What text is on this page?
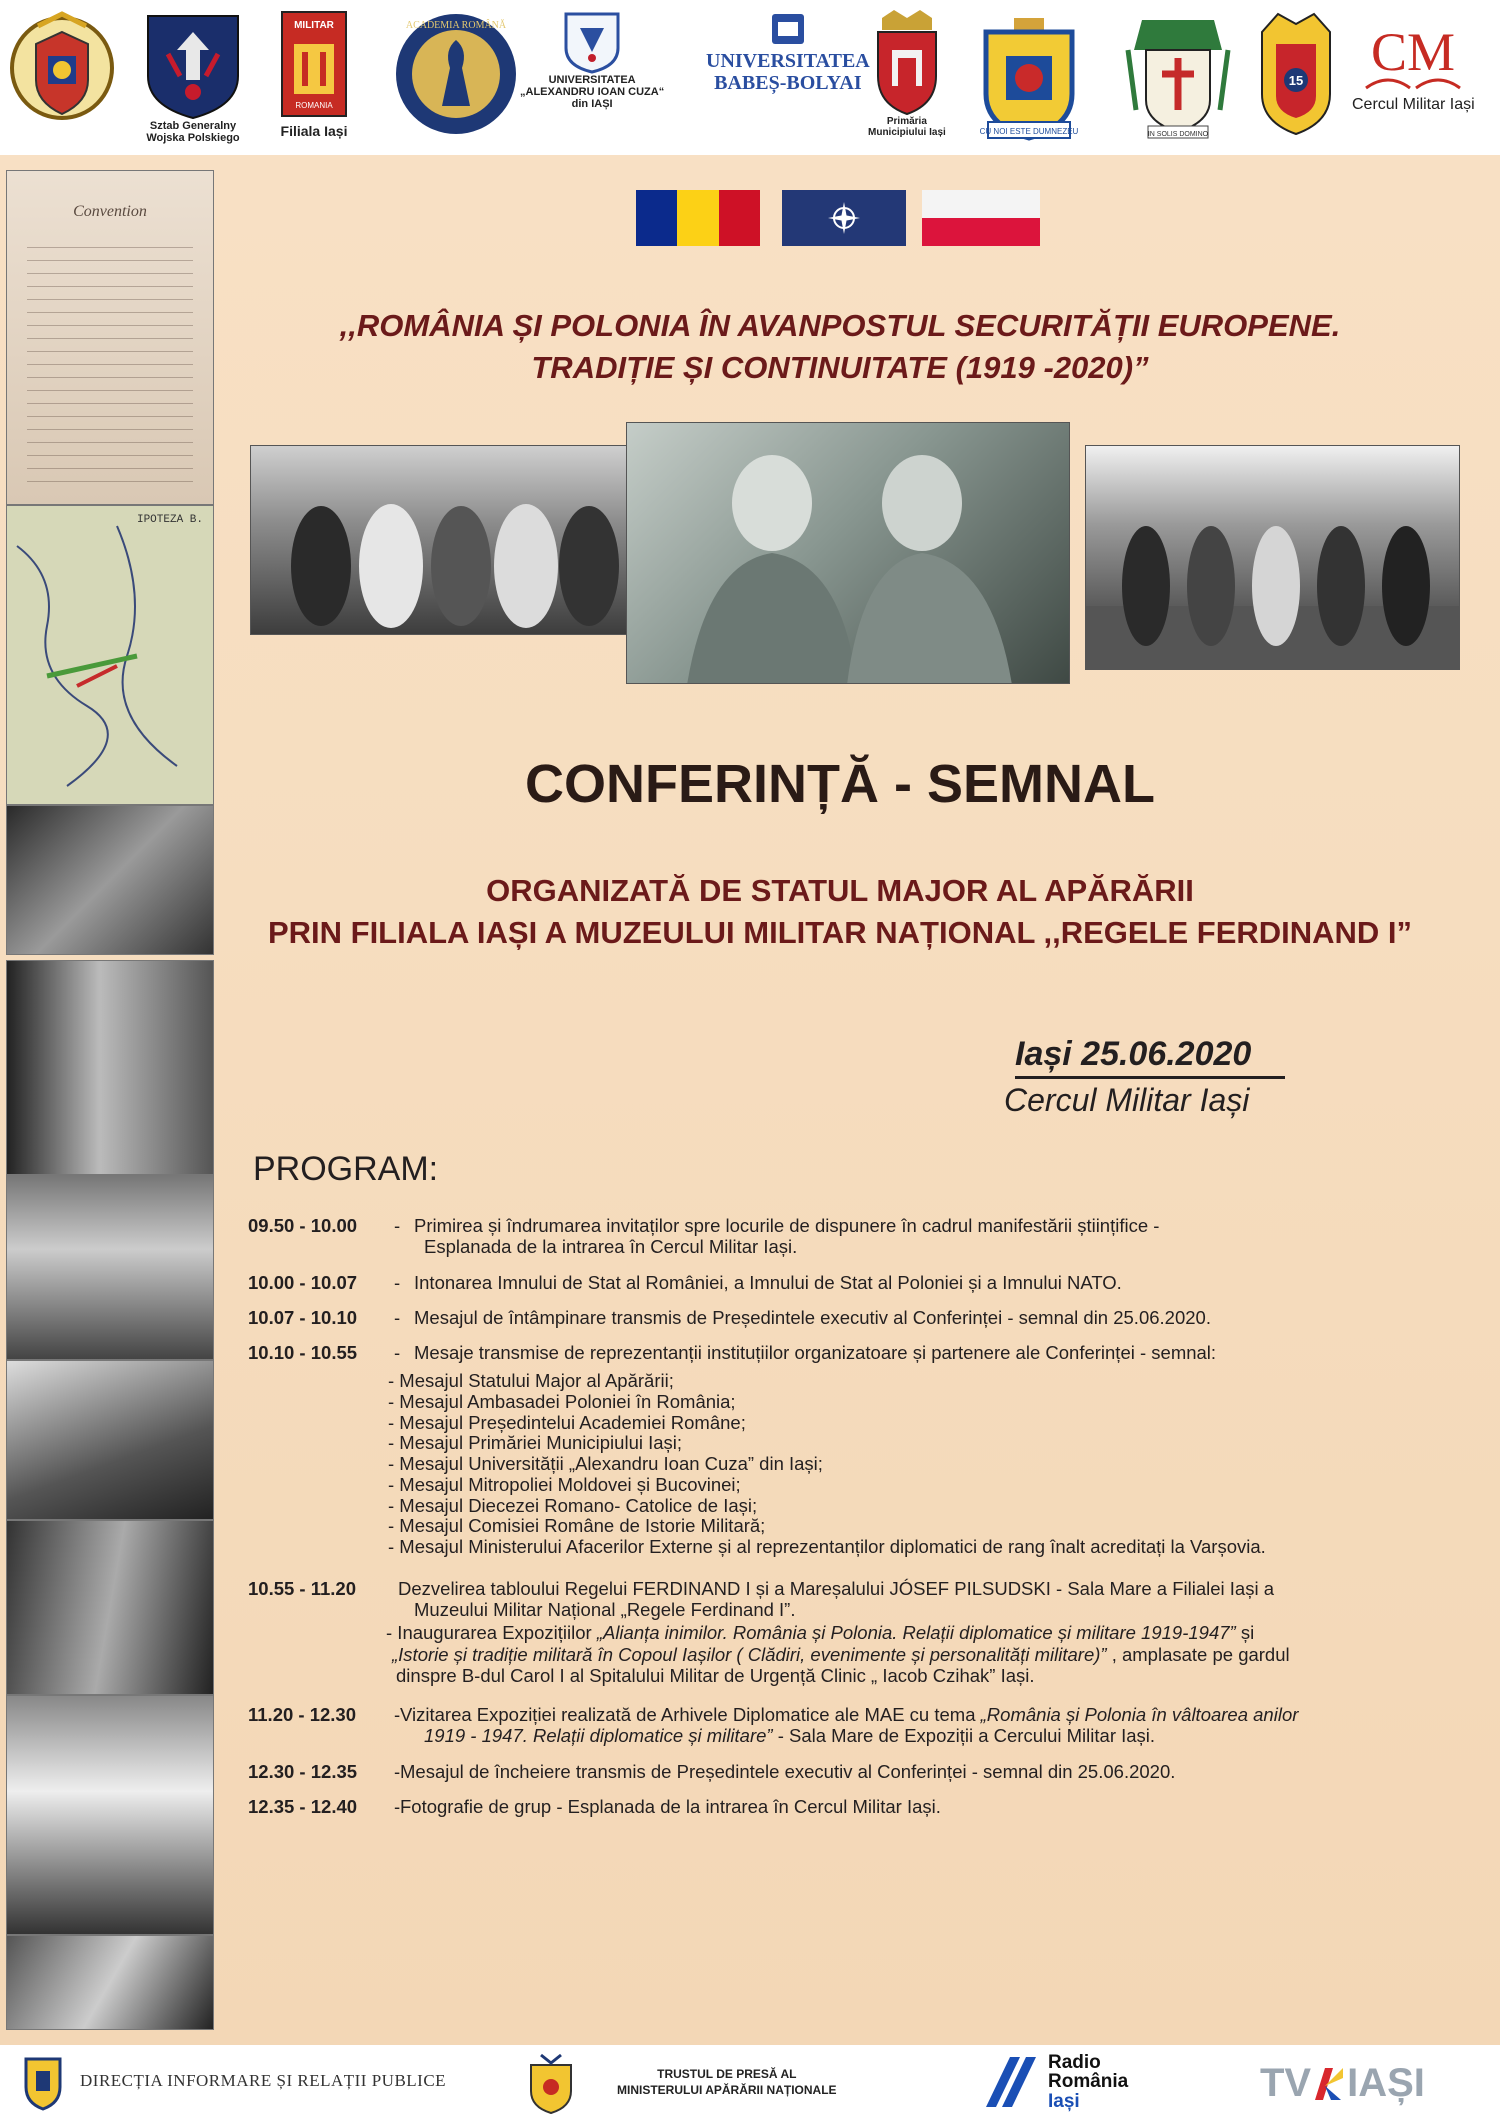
Sztab Generalny
Wojska Polskiego
MILITAR
ROMANIA
Filiala Iași
ACADEMIA ROMÂNĂ
UNIVERSITATEA
„ALEXANDRU IOAN CUZA“
din IAȘI
UNIVERSITATEA
BABEȘ-BOLYAI
Primăria
Municipiului Iași	CU NOI ESTE DUMNEZEU	IN SOLIS DOMINO
15 CM
Cercul Militar Iași
Convention
IPOTEZA B.
,,ROMÂNIA ȘI POLONIA ÎN AVANPOSTUL SECURITĂȚII EUROPENE.
TRADIȚIE ȘI CONTINUITATE (1919 -2020)”
CONFERINȚĂ - SEMNAL
ORGANIZATĂ DE STATUL MAJOR AL APĂRĂRII
PRIN FILIALA IAȘI A MUZEULUI MILITAR NAȚIONAL ,,REGELE FERDINAND I”
Iași 25.06.2020
Cercul Militar Iași
PROGRAM:
09.50 - 10.00	- Primirea și îndrumarea invitaților spre locurile de dispunere în cadrul manifestării științifice -
Esplanada de la intrarea în Cercul Militar Iași.
10.00 - 10.07	- Intonarea Imnului de Stat al României, a Imnului de Stat al Poloniei și a Imnului NATO.
10.07 - 10.10	- Mesajul de întâmpinare transmis de Președintele executiv al Conferinței - semnal din 25.06.2020.
10.10 - 10.55	- Mesaje transmise de reprezentanții instituțiilor organizatoare și partenere ale Conferinței - semnal:
- Mesajul Statului Major al Apărării;
- Mesajul Ambasadei Poloniei în România;
- Mesajul Președintelui Academiei Române;
- Mesajul Primăriei Municipiului Iași;
- Mesajul Universității „Alexandru Ioan Cuza” din Iași;
- Mesajul Mitropoliei Moldovei și Bucovinei;
- Mesajul Diecezei Romano- Catolice de Iași;
- Mesajul Comisiei Române de Istorie Militară;
- Mesajul Ministerului Afacerilor Externe și al reprezentanților diplomatici de rang înalt acreditați la Varșovia.
10.55 - 11.20	Dezvelirea tabloului Regelui FERDINAND I și a Mareșalului JÓSEF PILSUDSKI - Sala Mare a Filialei Iași a
Muzeului Militar Național „Regele Ferdinand I”.
- Inaugurarea Expozițiilor „Alianța inimilor. România și Polonia. Relații diplomatice și militare 1919-1947” și
„Istorie și tradiție militară în Copoul Iașilor ( Clădiri, evenimente și personalități militare)” , amplasate pe gardul
dinspre B-dul Carol I al Spitalului Militar de Urgență Clinic „ Iacob Czihak” Iași.
11.20 - 12.30	- Vizitarea Expoziției realizată de Arhivele Diplomatice ale MAE cu tema „România și Polonia în vâltoarea anilor
1919 - 1947. Relații diplomatice și militare” - Sala Mare de Expoziții a Cercului Militar Iași.
12.30 - 12.35	- Mesajul de încheiere transmis de Președintele executiv al Conferinței - semnal din 25.06.2020.
12.35 - 12.40	- Fotografie de grup - Esplanada de la intrarea în Cercul Militar Iași.
DIRECȚIA INFORMARE ȘI RELAȚII PUBLICE	TRUSTUL DE PRESĂ AL
MINISTERULUI APĂRĂRII NAȚIONALE
Radio
România
Iași	TV IAȘI
